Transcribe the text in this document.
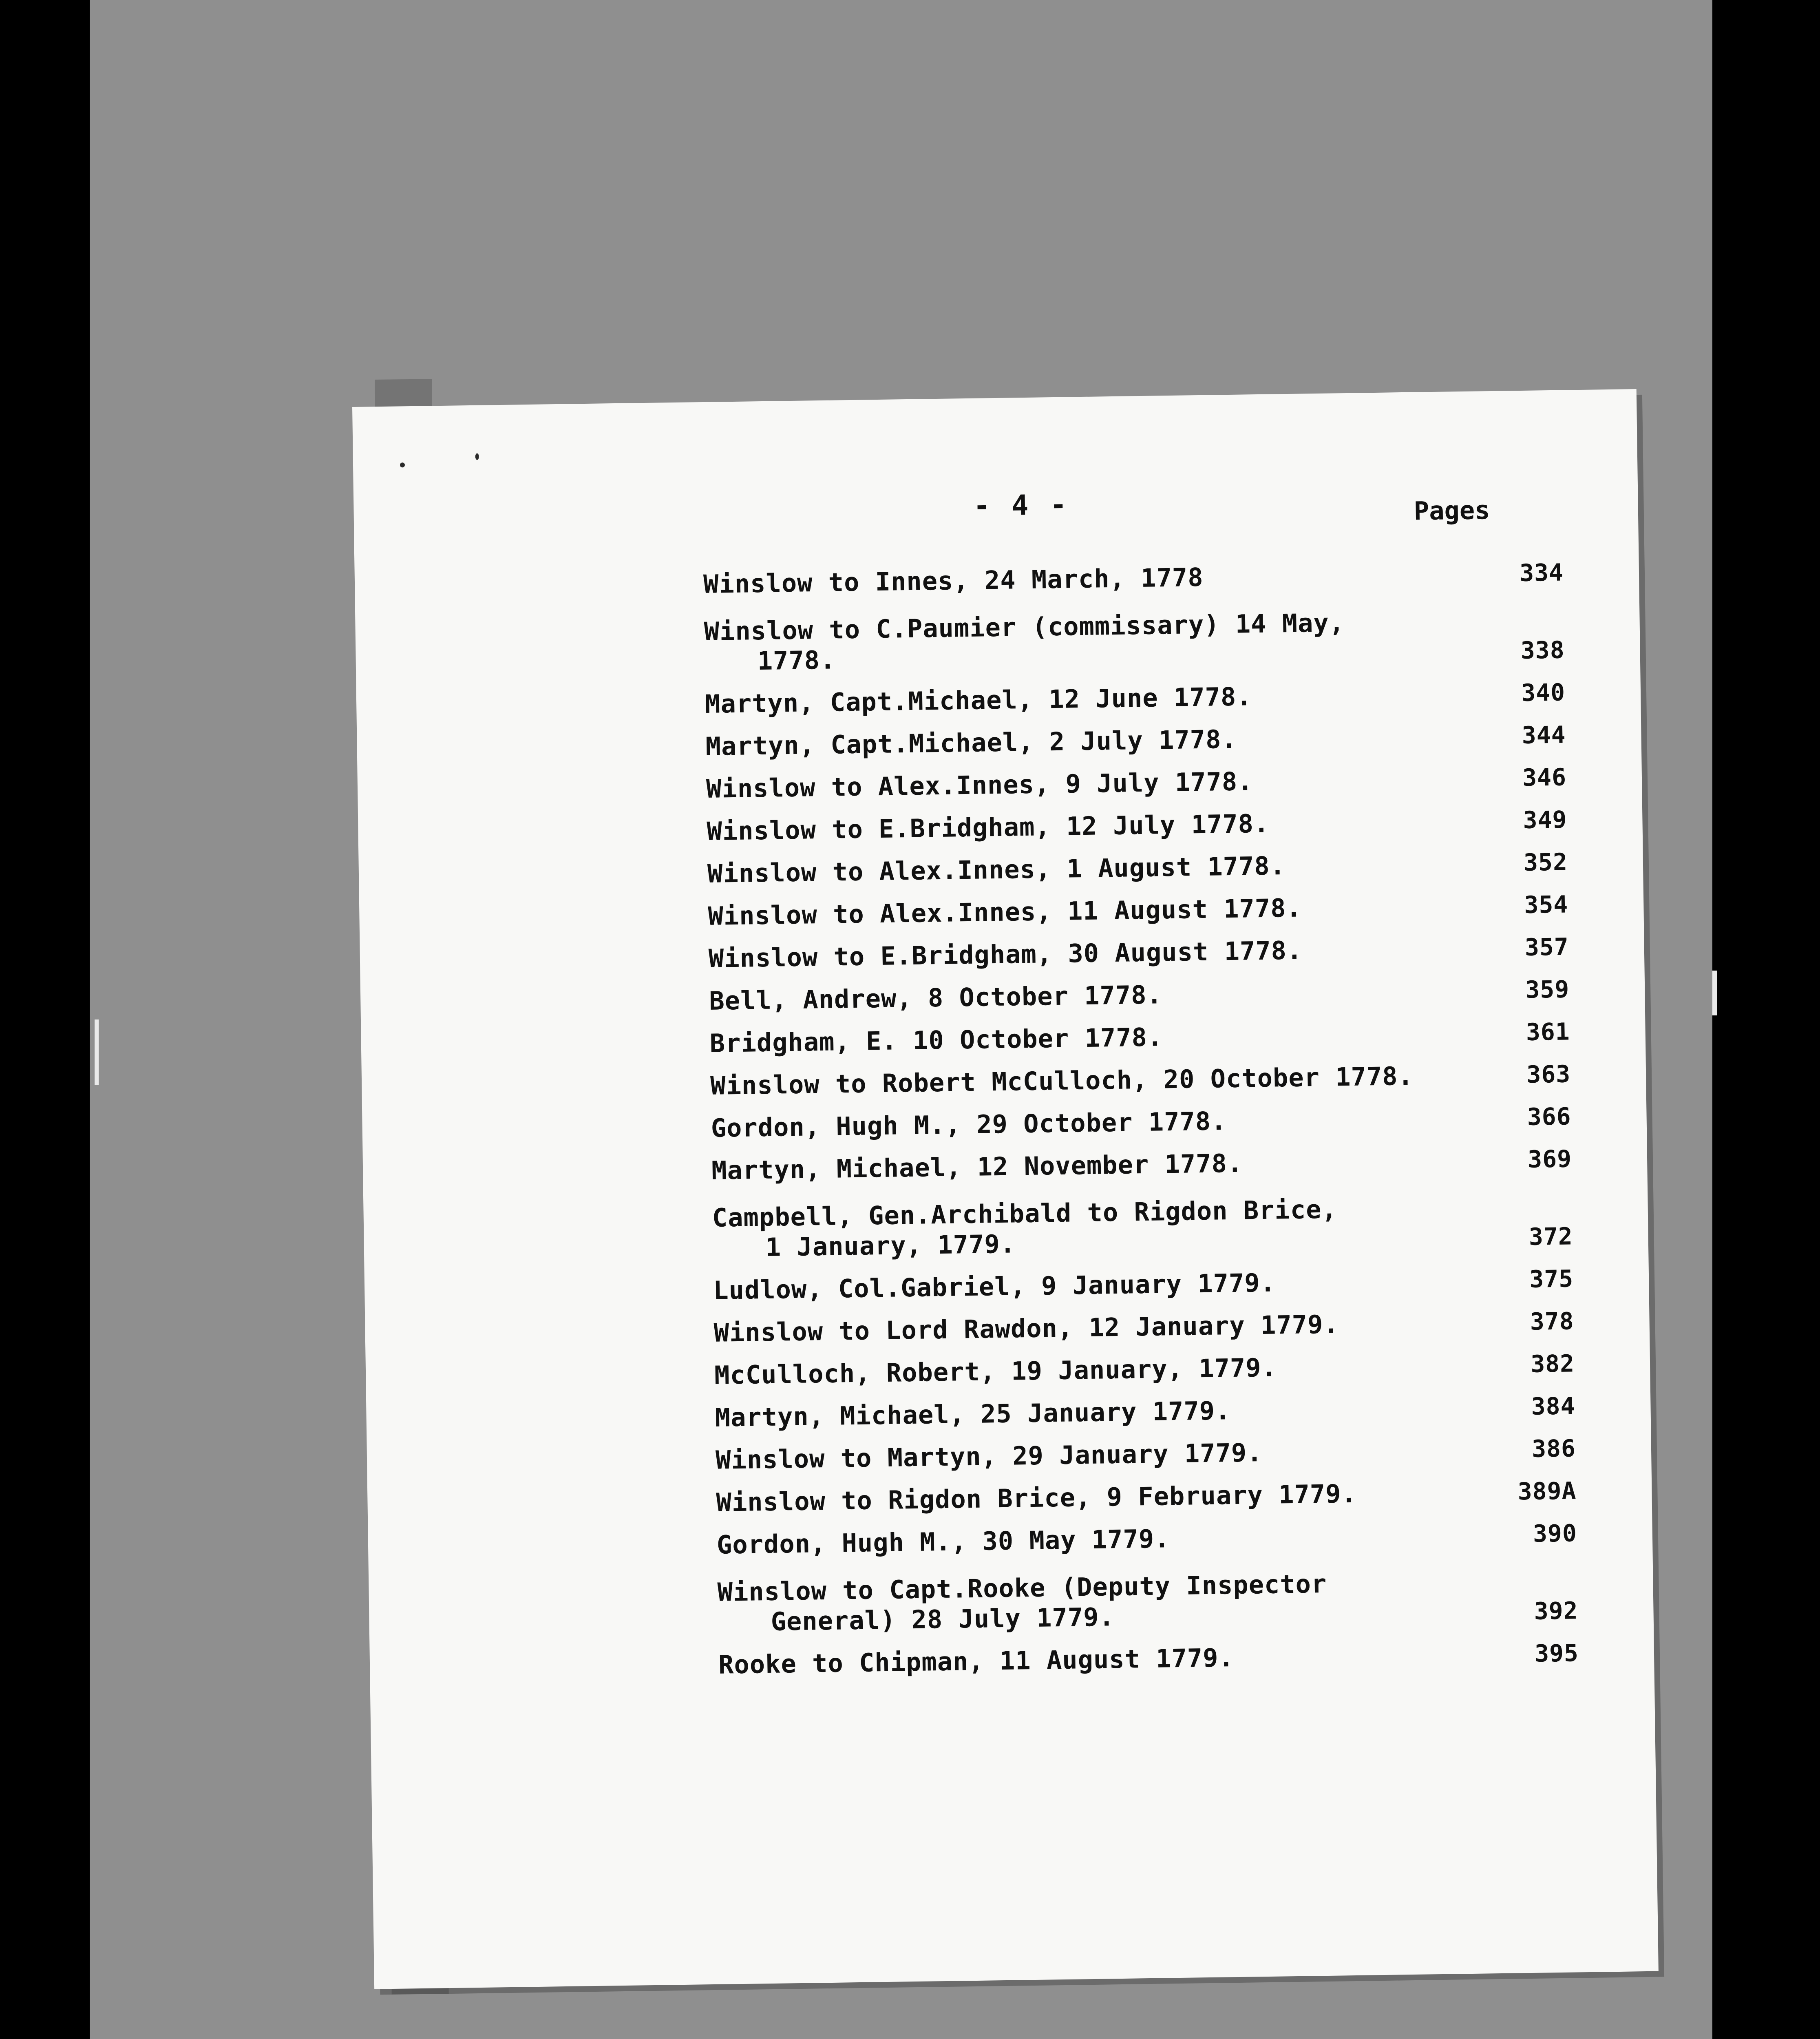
- 4 -	Pages
Winslow to Innes, 24 March, 1778	334
Winslow to C.Paumier (commissary) 14 May,
1778.	338
Martyn, Capt.Michael, 12 June 1778.	340
Martyn, Capt.Michael, 2 July 1778.	344
Winslow to Alex.Innes, 9 July 1778.	346
Winslow to E.Bridgham, 12 July 1778.	349
Winslow to Alex.Innes, 1 August 1778.	352
Winslow to Alex.Innes, 11 August 1778.	354
Winslow to E.Bridgham, 30 August 1778.	357
Bell, Andrew, 8 October 1778.	359
Bridgham, E. 10 October 1778.	361
Winslow to Robert McCulloch, 20 October 1778.	363
Gordon, Hugh M., 29 October 1778.	366
Martyn, Michael, 12 November 1778.	369
Campbell, Gen.Archibald to Rigdon Brice,
1 January, 1779.	372
Ludlow, Col.Gabriel, 9 January 1779.	375
Winslow to Lord Rawdon, 12 January 1779.	378
McCulloch, Robert, 19 January, 1779.	382
Martyn, Michael, 25 January 1779.	384
Winslow to Martyn, 29 January 1779.	386
Winslow to Rigdon Brice, 9 February 1779.	389A
Gordon, Hugh M., 30 May 1779.	390
Winslow to Capt.Rooke (Deputy Inspector
General) 28 July 1779.	392
Rooke to Chipman, 11 August 1779.	395
